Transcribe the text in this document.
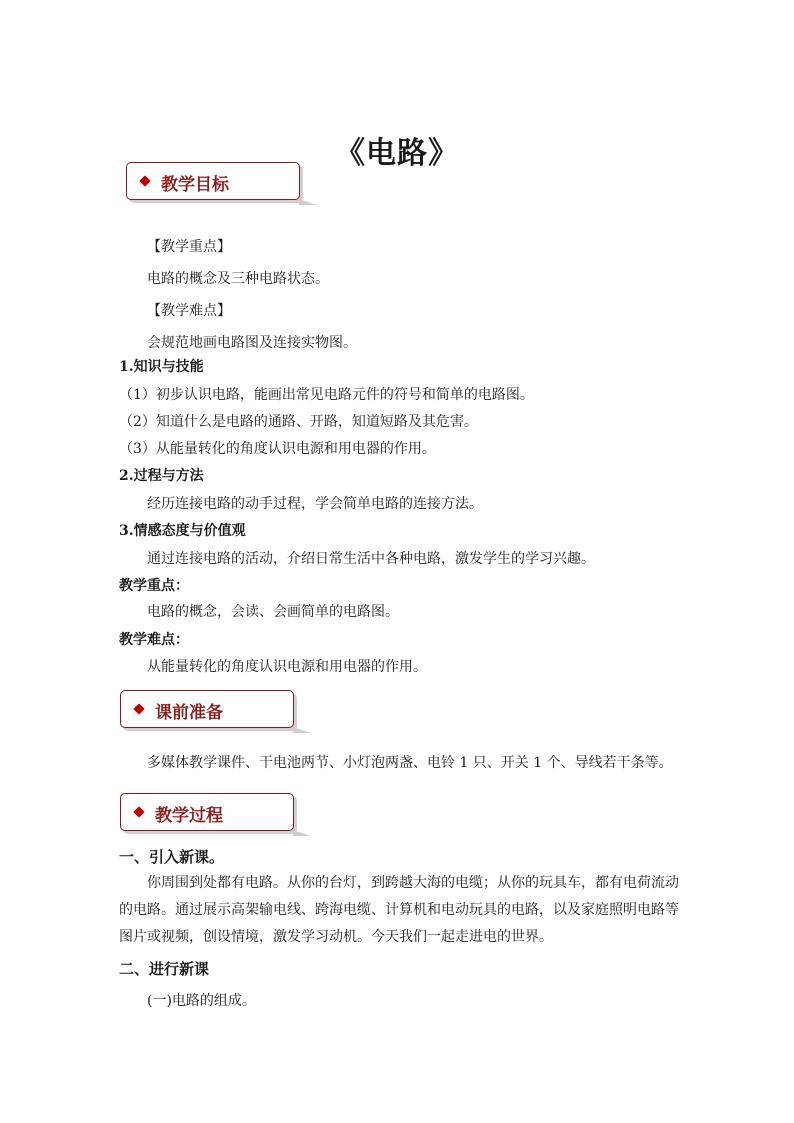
《电路》
教学目标
【教学重点】
电路的概念及三种电路状态。
【教学难点】
会规范地画电路图及连接实物图。
1.知识与技能
（1）初步认识电路，能画出常见电路元件的符号和简单的电路图。
（2）知道什么是电路的通路、开路，知道短路及其危害。
（3）从能量转化的角度认识电源和用电器的作用。
2.过程与方法
经历连接电路的动手过程，学会简单电路的连接方法。
3.情感态度与价值观
通过连接电路的活动，介绍日常生活中各种电路，激发学生的学习兴趣。
教学重点：
电路的概念，会读、会画简单的电路图。
教学难点：
从能量转化的角度认识电源和用电器的作用。
课前准备
多媒体教学课件、干电池两节、小灯泡两盏、电铃 1 只、开关 1 个、导线若干条等。
教学过程
一、引入新课。
你周围到处都有电路。从你的台灯，到跨越大海的电缆；从你的玩具车，都有电荷流动
的电路。通过展示高架输电线、跨海电缆、计算机和电动玩具的电路，以及家庭照明电路等
图片或视频，创设情境，激发学习动机。今天我们一起走进电的世界。
二、进行新课
(一)电路的组成。
